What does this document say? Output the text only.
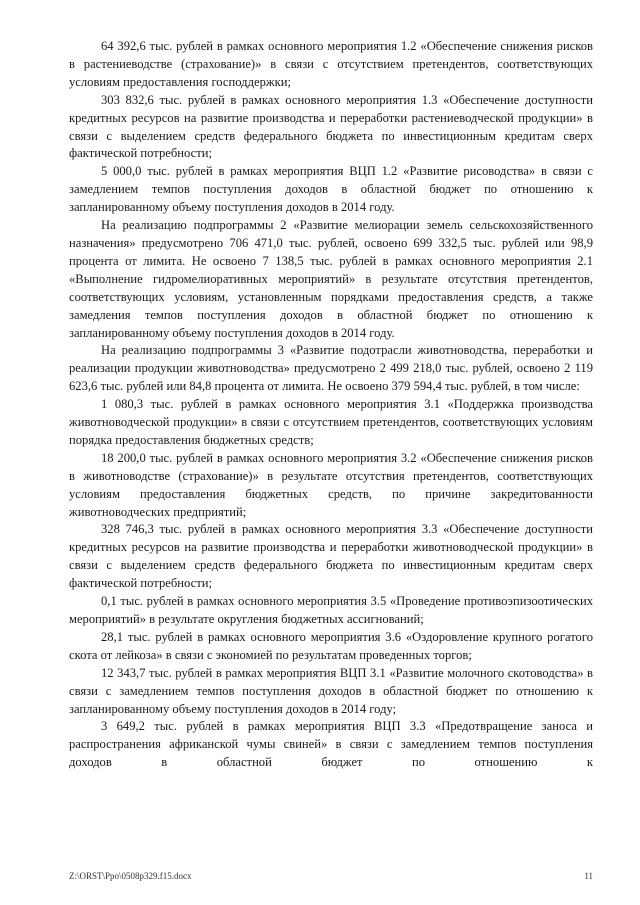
64 392,6 тыс. рублей в рамках основного мероприятия 1.2 «Обеспечение снижения рисков в растениеводстве (страхование)» в связи с отсутствием претендентов, соответствующих условиям предоставления господдержки;

303 832,6 тыс. рублей в рамках основного мероприятия 1.3 «Обеспечение доступности кредитных ресурсов на развитие производства и переработки растениеводческой продукции» в связи с выделением средств федерального бюджета по инвестиционным кредитам сверх фактической потребности;

5 000,0 тыс. рублей в рамках мероприятия ВЦП 1.2 «Развитие рисоводства» в связи с замедлением темпов поступления доходов в областной бюджет по отношению к запланированному объему поступления доходов в 2014 году.

На реализацию подпрограммы 2 «Развитие мелиорации земель сельскохозяйственного назначения» предусмотрено 706 471,0 тыс. рублей, освоено 699 332,5 тыс. рублей или 98,9 процента от лимита. Не освоено 7 138,5 тыс. рублей в рамках основного мероприятия 2.1 «Выполнение гидромелиоративных мероприятий» в результате отсутствия претендентов, соответствующих условиям, установленным порядками предоставления средств, а также замедления темпов поступления доходов в областной бюджет по отношению к запланированному объему поступления доходов в 2014 году.

На реализацию подпрограммы 3 «Развитие подотрасли животноводства, переработки и реализации продукции животноводства» предусмотрено 2 499 218,0 тыс. рублей, освоено 2 119 623,6 тыс. рублей или 84,8 процента от лимита. Не освоено 379 594,4 тыс. рублей, в том числе:

1 080,3 тыс. рублей в рамках основного мероприятия 3.1 «Поддержка производства животноводческой продукции» в связи с отсутствием претендентов, соответствующих условиям порядка предоставления бюджетных средств;

18 200,0 тыс. рублей в рамках основного мероприятия 3.2 «Обеспечение снижения рисков в животноводстве (страхование)» в результате отсутствия претендентов, соответствующих условиям предоставления бюджетных средств, по причине закредитованности животноводческих предприятий;

328 746,3 тыс. рублей в рамках основного мероприятия 3.3 «Обеспечение доступности кредитных ресурсов на развитие производства и переработки животноводческой продукции» в связи с выделением средств федерального бюджета по инвестиционным кредитам сверх фактической потребности;

0,1 тыс. рублей в рамках основного мероприятия 3.5 «Проведение противоэпизоотических мероприятий» в результате округления бюджетных ассигнований;

28,1 тыс. рублей в рамках основного мероприятия 3.6 «Оздоровление крупного рогатого скота от лейкоза» в связи с экономией по результатам проведенных торгов;

12 343,7 тыс. рублей в рамках мероприятия ВЦП 3.1 «Развитие молочного скотоводства» в связи с замедлением темпов поступления доходов в областной бюджет по отношению к запланированному объему поступления доходов в 2014 году;

3 649,2 тыс. рублей в рамках мероприятия ВЦП 3.3 «Предотвращение заноса и распространения африканской чумы свиней» в связи с замедлением темпов поступления доходов в областной бюджет по отношению к

Z:\ORST\Ppo\0508p329.f15.docx	11
